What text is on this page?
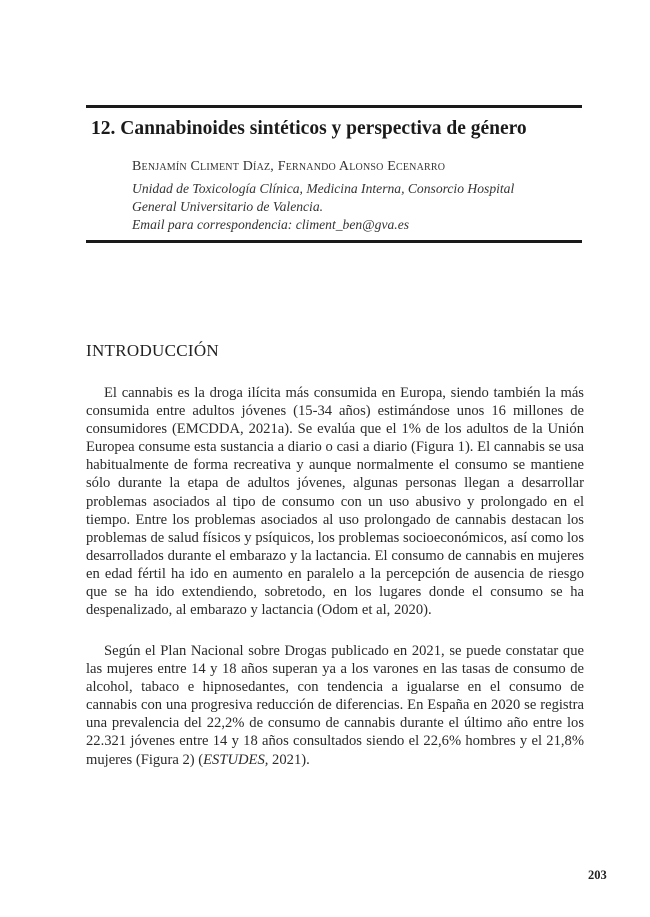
12. Cannabinoides sintéticos y perspectiva de género
Benjamín Climent Díaz, Fernando Alonso Ecenarro
Unidad de Toxicología Clínica, Medicina Interna, Consorcio Hospital
General Universitario de Valencia.
Email para correspondencia: climent_ben@gva.es
INTRODUCCIÓN

El cannabis es la droga ilícita más consumida en Europa, siendo también la más consumida entre adultos jóvenes (15-34 años) estimándose unos 16 millones de consumidores (EMCDDA, 2021a). Se evalúa que el 1% de los adultos de la Unión Europea consume esta sustancia a diario o casi a diario (Figura 1). El cannabis se usa habitualmente de forma recreativa y aunque normalmente el consumo se mantiene sólo durante la etapa de adultos jóvenes, algunas personas llegan a desarrollar problemas asociados al tipo de consumo con un uso abusivo y prolongado en el tiempo. Entre los problemas asociados al uso prolongado de cannabis destacan los problemas de salud físicos y psíquicos, los problemas socioeconómicos, así como los desarrollados durante el embarazo y la lactancia. El consumo de cannabis en mujeres en edad fértil ha ido en aumento en paralelo a la percepción de ausencia de riesgo que se ha ido extendiendo, sobretodo, en los lugares donde el consumo se ha despenalizado, al embarazo y lactancia (Odom et al, 2020).

Según el Plan Nacional sobre Drogas publicado en 2021, se puede constatar que las mujeres entre 14 y 18 años superan ya a los varones en las tasas de consumo de alcohol, tabaco e hipnosedantes, con tendencia a igualarse en el consumo de cannabis con una progresiva reducción de diferencias. En España en 2020 se registra una prevalencia del 22,2% de consumo de cannabis durante el último año entre los 22.321 jóvenes entre 14 y 18 años consultados siendo el 22,6% hombres y el 21,8% mujeres (Figura 2) (ESTUDES, 2021).

203
